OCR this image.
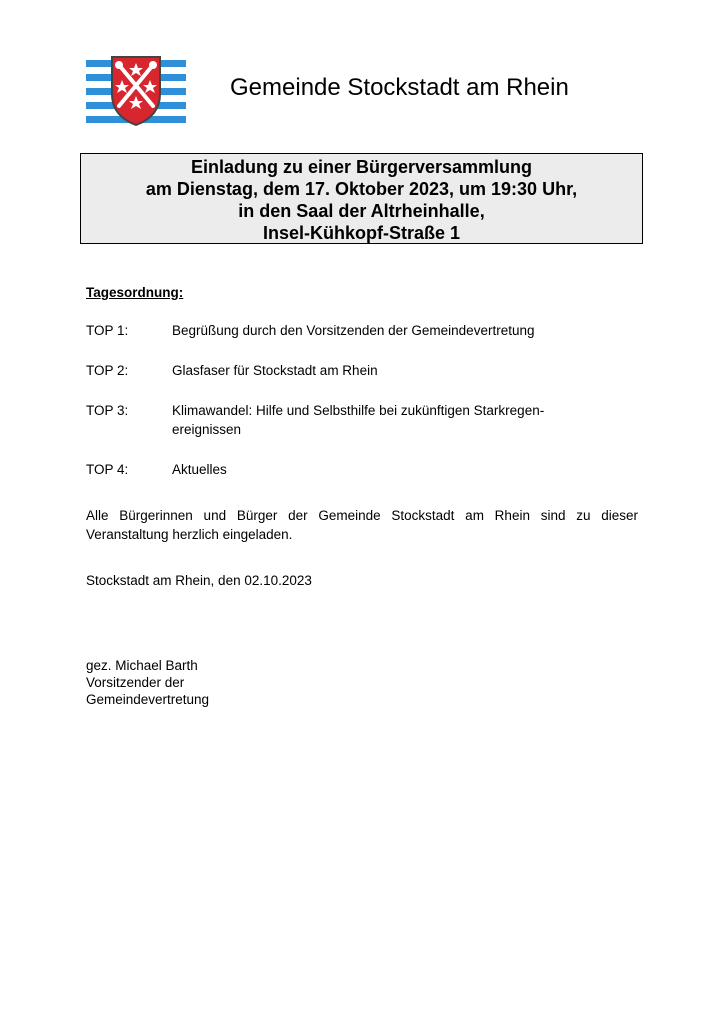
Gemeinde Stockstadt am Rhein
Einladung zu einer Bürgerversammlung
am Dienstag, dem 17. Oktober 2023, um 19:30 Uhr,
in den Saal der Altrheinhalle,
Insel-Kühkopf-Straße 1
Tagesordnung:
TOP 1:	Begrüßung durch den Vorsitzenden der Gemeindevertretung
TOP 2:	Glasfaser für Stockstadt am Rhein
TOP 3:	Klimawandel: Hilfe und Selbsthilfe bei zukünftigen Starkregen-
ereignissen
TOP 4:	Aktuelles
Alle Bürgerinnen und Bürger der Gemeinde Stockstadt am Rhein sind zu dieser
Veranstaltung herzlich eingeladen.
Stockstadt am Rhein, den 02.10.2023
gez. Michael Barth
Vorsitzender der
Gemeindevertretung
